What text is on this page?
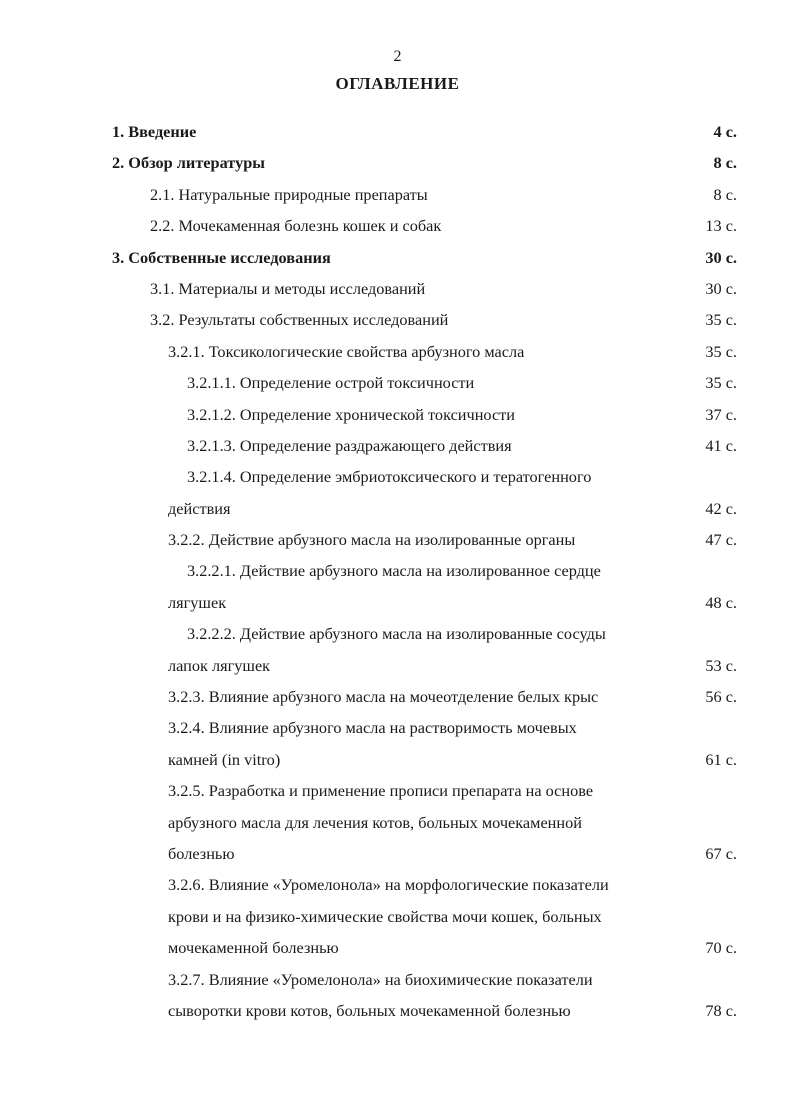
2
ОГЛАВЛЕНИЕ
1. Введение	4 с.
2. Обзор литературы	8 с.
2.1. Натуральные природные препараты	8 с.
2.2. Мочекаменная болезнь кошек и собак	13 с.
3. Собственные исследования	30 с.
3.1. Материалы и методы исследований	30 с.
3.2. Результаты собственных исследований	35 с.
3.2.1. Токсикологические свойства арбузного масла	35 с.
3.2.1.1. Определение острой токсичности	35 с.
3.2.1.2. Определение хронической токсичности	37 с.
3.2.1.3. Определение раздражающего действия	41 с.
3.2.1.4. Определение эмбриотоксического и тератогенного
действия	42 с.
3.2.2. Действие арбузного масла на изолированные органы	47 с.
3.2.2.1. Действие арбузного масла на изолированное сердце
лягушек	48 с.
3.2.2.2. Действие арбузного масла на изолированные сосуды
лапок лягушек	53 с.
3.2.3. Влияние арбузного масла на мочеотделение белых крыс	56 с.
3.2.4. Влияние арбузного масла на растворимость мочевых
камней (in vitro)	61 с.
3.2.5. Разработка и применение прописи препарата на основе
арбузного масла для лечения котов, больных мочекаменной
болезнью	67 с.
3.2.6. Влияние «Уромелонола» на морфологические показатели
крови и на физико-химические свойства мочи кошек, больных
мочекаменной болезнью	70 с.
3.2.7. Влияние «Уромелонола» на биохимические показатели
сыворотки крови котов, больных мочекаменной болезнью	78 с.
